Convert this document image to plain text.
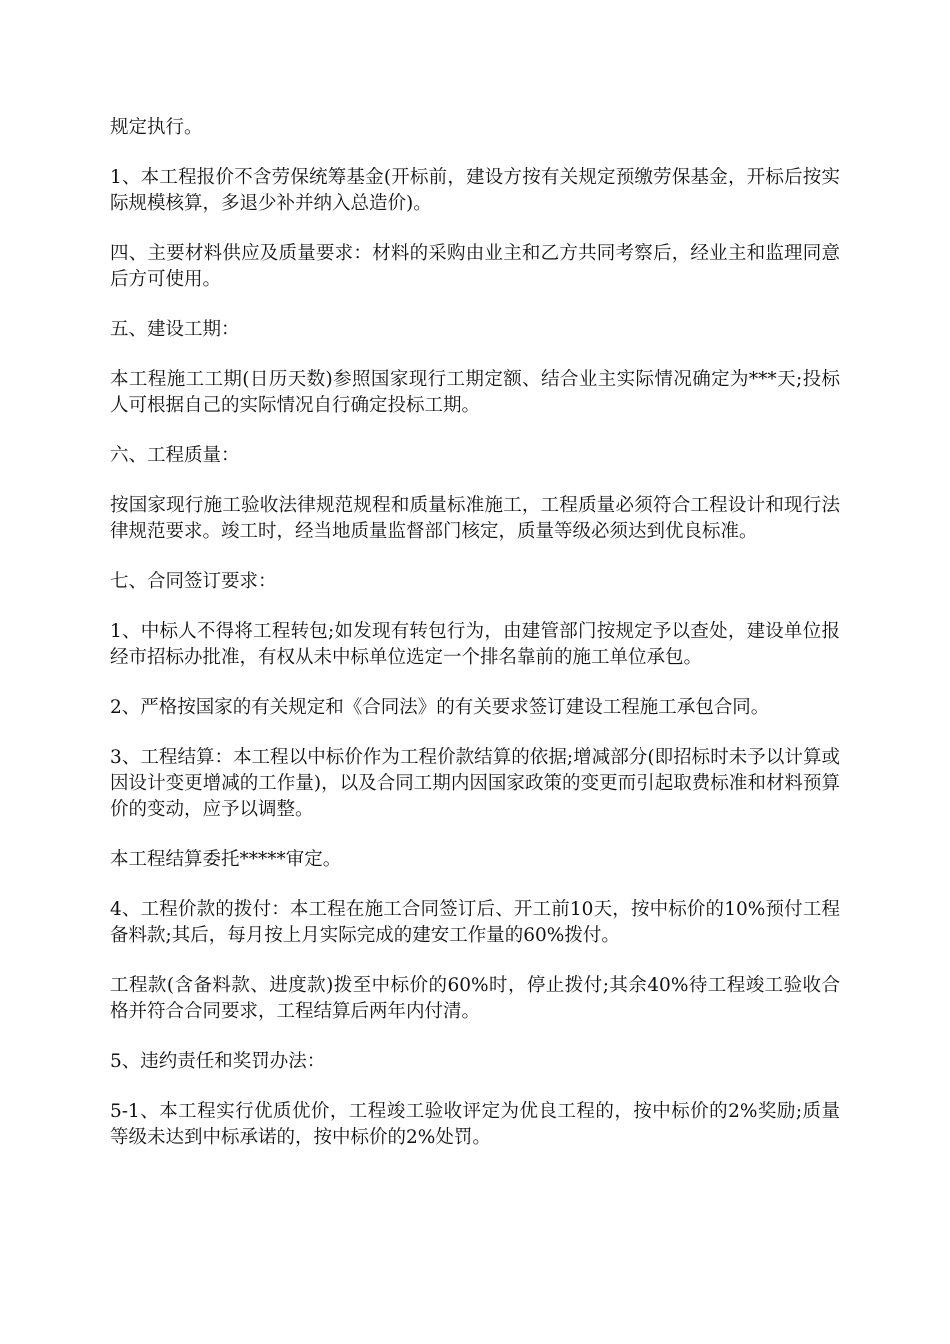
规定执行。

1、本工程报价不含劳保统筹基金(开标前，建设方按有关规定预缴劳保基金，开标后按实际规模核算，多退少补并纳入总造价)。

四、主要材料供应及质量要求：材料的采购由业主和乙方共同考察后，经业主和监理同意后方可使用。

五、建设工期：

本工程施工工期(日历天数)参照国家现行工期定额、结合业主实际情况确定为***天;投标人可根据自己的实际情况自行确定投标工期。

六、工程质量：

按国家现行施工验收法律规范规程和质量标准施工，工程质量必须符合工程设计和现行法律规范要求。竣工时，经当地质量监督部门核定，质量等级必须达到优良标准。

七、合同签订要求：

1、中标人不得将工程转包;如发现有转包行为，由建管部门按规定予以查处，建设单位报经市招标办批准，有权从未中标单位选定一个排名靠前的施工单位承包。

2、严格按国家的有关规定和《合同法》的有关要求签订建设工程施工承包合同。

3、工程结算：本工程以中标价作为工程价款结算的依据;增减部分(即招标时未予以计算或因设计变更增减的工作量)，以及合同工期内因国家政策的变更而引起取费标准和材料预算价的变动，应予以调整。

本工程结算委托*****审定。

4、工程价款的拨付：本工程在施工合同签订后、开工前10天，按中标价的10%预付工程备料款;其后，每月按上月实际完成的建安工作量的60%拨付。

工程款(含备料款、进度款)拨至中标价的60%时，停止拨付;其余40%待工程竣工验收合格并符合合同要求，工程结算后两年内付清。

5、违约责任和奖罚办法：

5-1、本工程实行优质优价，工程竣工验收评定为优良工程的，按中标价的2%奖励;质量等级未达到中标承诺的，按中标价的2%处罚。
